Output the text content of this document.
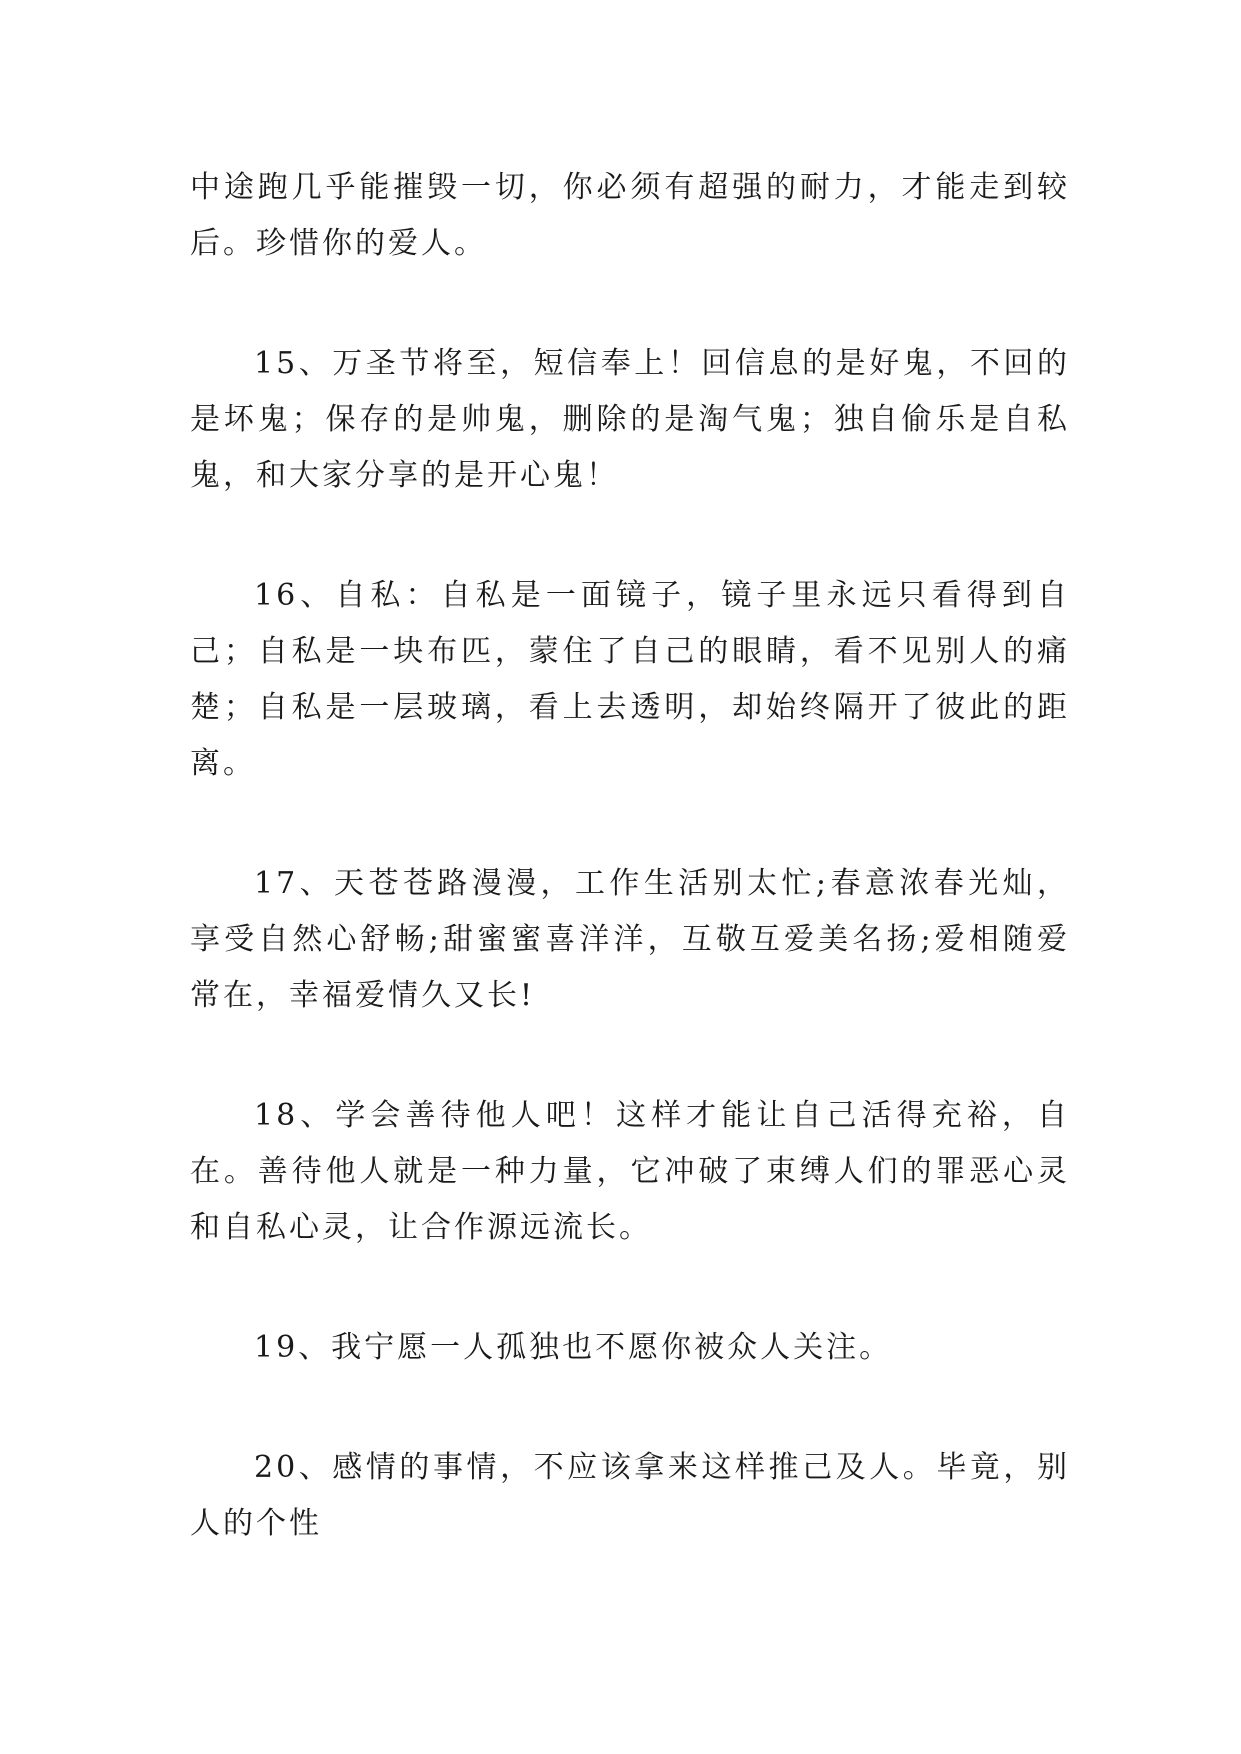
中途跑几乎能摧毁一切，你必须有超强的耐力，才能走到较后。珍惜你的爱人。

15、万圣节将至，短信奉上！回信息的是好鬼，不回的是坏鬼；保存的是帅鬼，删除的是淘气鬼；独自偷乐是自私鬼，和大家分享的是开心鬼！

16、自私：自私是一面镜子，镜子里永远只看得到自己；自私是一块布匹，蒙住了自己的眼睛，看不见别人的痛楚；自私是一层玻璃，看上去透明，却始终隔开了彼此的距离。

17、天苍苍路漫漫，工作生活别太忙;春意浓春光灿，享受自然心舒畅;甜蜜蜜喜洋洋，互敬互爱美名扬;爱相随爱常在，幸福爱情久又长!

18、学会善待他人吧！这样才能让自己活得充裕，自在。善待他人就是一种力量，它冲破了束缚人们的罪恶心灵和自私心灵，让合作源远流长。

19、我宁愿一人孤独也不愿你被众人关注。

20、感情的事情，不应该拿来这样推己及人。毕竟，别人的个性
